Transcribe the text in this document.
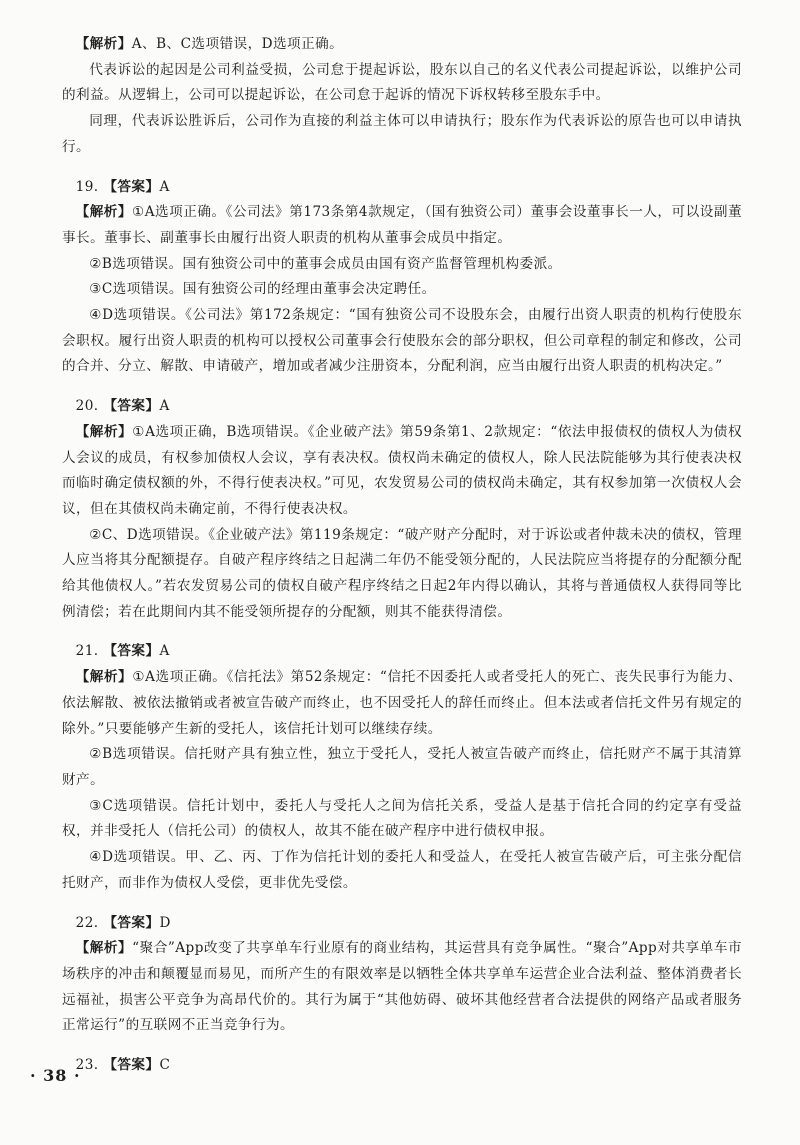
【解析】A、B、C选项错误，D选项正确。

代表诉讼的起因是公司利益受损，公司怠于提起诉讼，股东以自己的名义代表公司提起诉讼，以维护公司的利益。从逻辑上，公司可以提起诉讼，在公司怠于起诉的情况下诉权转移至股东手中。

同理，代表诉讼胜诉后，公司作为直接的利益主体可以申请执行；股东作为代表诉讼的原告也可以申请执行。

19. 【答案】A

【解析】①A选项正确。《公司法》第173条第4款规定，（国有独资公司）董事会设董事长一人，可以设副董事长。董事长、副董事长由履行出资人职责的机构从董事会成员中指定。

②B选项错误。国有独资公司中的董事会成员由国有资产监督管理机构委派。

③C选项错误。国有独资公司的经理由董事会决定聘任。

④D选项错误。《公司法》第172条规定：“国有独资公司不设股东会，由履行出资人职责的机构行使股东会职权。履行出资人职责的机构可以授权公司董事会行使股东会的部分职权，但公司章程的制定和修改，公司的合并、分立、解散、申请破产，增加或者减少注册资本，分配利润，应当由履行出资人职责的机构决定。”

20. 【答案】A

【解析】①A选项正确，B选项错误。《企业破产法》第59条第1、2款规定：“依法申报债权的债权人为债权人会议的成员，有权参加债权人会议，享有表决权。债权尚未确定的债权人，除人民法院能够为其行使表决权而临时确定债权额的外，不得行使表决权。”可见，农发贸易公司的债权尚未确定，其有权参加第一次债权人会议，但在其债权尚未确定前，不得行使表决权。

②C、D选项错误。《企业破产法》第119条规定：“破产财产分配时，对于诉讼或者仲裁未决的债权，管理人应当将其分配额提存。自破产程序终结之日起满二年仍不能受领分配的，人民法院应当将提存的分配额分配给其他债权人。”若农发贸易公司的债权自破产程序终结之日起2年内得以确认，其将与普通债权人获得同等比例清偿；若在此期间内其不能受领所提存的分配额，则其不能获得清偿。

21. 【答案】A

【解析】①A选项正确。《信托法》第52条规定：“信托不因委托人或者受托人的死亡、丧失民事行为能力、依法解散、被依法撤销或者被宣告破产而终止，也不因受托人的辞任而终止。但本法或者信托文件另有规定的除外。”只要能够产生新的受托人，该信托计划可以继续存续。

②B选项错误。信托财产具有独立性，独立于受托人，受托人被宣告破产而终止，信托财产不属于其清算财产。

③C选项错误。信托计划中，委托人与受托人之间为信托关系，受益人是基于信托合同的约定享有受益权，并非受托人（信托公司）的债权人，故其不能在破产程序中进行债权申报。

④D选项错误。甲、乙、丙、丁作为信托计划的委托人和受益人，在受托人被宣告破产后，可主张分配信托财产，而非作为债权人受偿，更非优先受偿。

22. 【答案】D

【解析】“聚合”App改变了共享单车行业原有的商业结构，其运营具有竞争属性。“聚合”App对共享单车市场秩序的冲击和颠覆显而易见，而所产生的有限效率是以牺牲全体共享单车运营企业合法利益、整体消费者长远福祉，损害公平竞争为高昂代价的。其行为属于“其他妨碍、破坏其他经营者合法提供的网络产品或者服务正常运行”的互联网不正当竞争行为。

23. 【答案】C

· 38 ·
